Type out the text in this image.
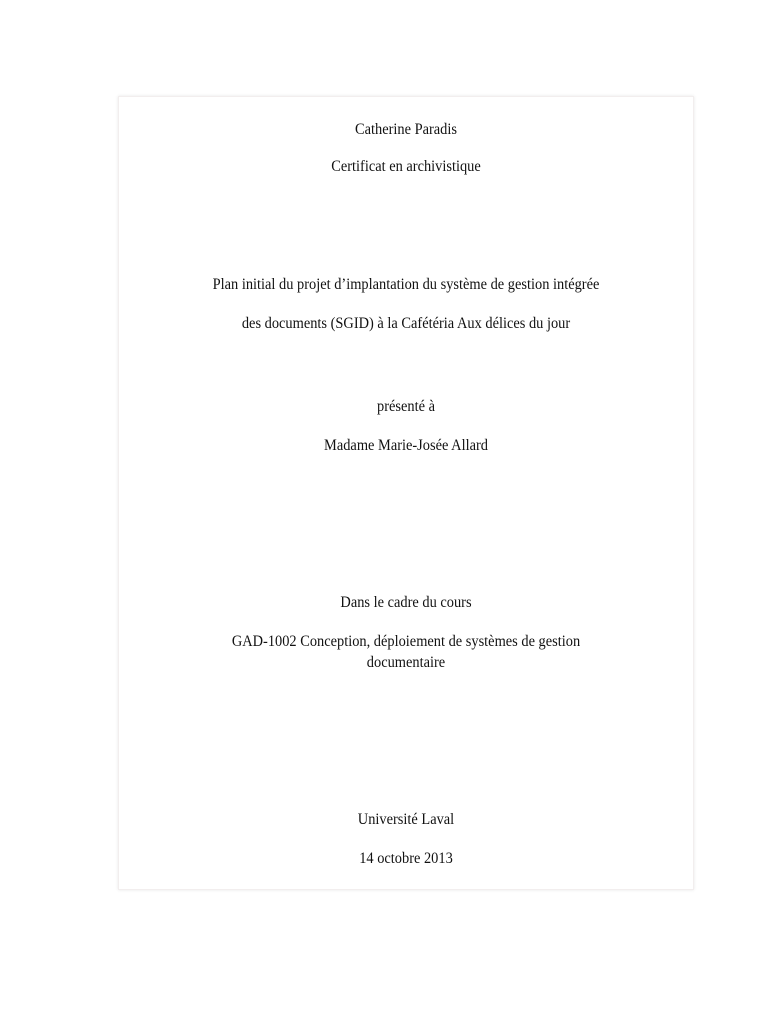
Catherine Paradis
Certificat en archivistique
Plan initial du projet d’implantation du système de gestion intégrée
des documents (SGID) à la Cafétéria Aux délices du jour
présenté à
Madame Marie-Josée Allard
Dans le cadre du cours
GAD-1002 Conception, déploiement de systèmes de gestion
documentaire
Université Laval
14 octobre 2013
